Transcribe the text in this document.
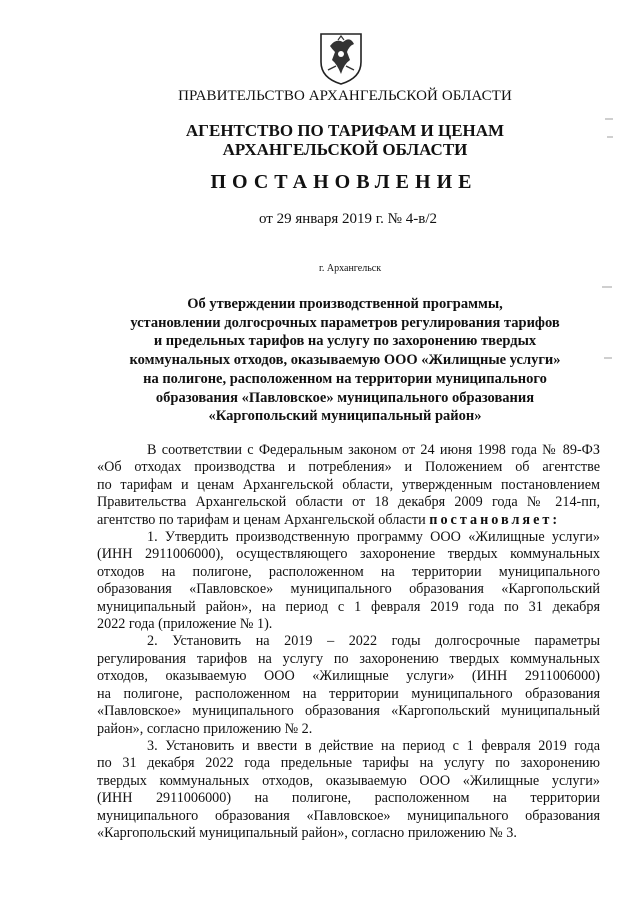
ПРАВИТЕЛЬСТВО АРХАНГЕЛЬСКОЙ ОБЛАСТИ
АГЕНТСТВО ПО ТАРИФАМ И ЦЕНАМ
АРХАНГЕЛЬСКОЙ ОБЛАСТИ
ПОСТАНОВЛЕНИЕ
от 29 января 2019 г. № 4-в/2
г. Архангельск
Об утверждении производственной программы,
установлении долгосрочных параметров регулирования тарифов
и предельных тарифов на услугу по захоронению твердых
коммунальных отходов, оказываемую ООО «Жилищные услуги»
на полигоне, расположенном на территории муниципального
образования «Павловское» муниципального образования
«Каргопольский муниципальный район»
В соответствии с Федеральным законом от 24 июня 1998 года № 89-ФЗ
«Об отходах производства и потребления» и Положением об агентстве
по тарифам и ценам Архангельской области, утвержденным постановлением
Правительства Архангельской области от 18 декабря 2009 года № 214-пп,
агентство по тарифам и ценам Архангельской области постановляет:
1. Утвердить производственную программу ООО «Жилищные услуги»
(ИНН 2911006000), осуществляющего захоронение твердых коммунальных
отходов на полигоне, расположенном на территории муниципального
образования «Павловское» муниципального образования «Каргопольский
муниципальный район», на период с 1 февраля 2019 года по 31 декабря
2022 года (приложение № 1).
2. Установить на 2019 – 2022 годы долгосрочные параметры
регулирования тарифов на услугу по захоронению твердых коммунальных
отходов, оказываемую ООО «Жилищные услуги» (ИНН 2911006000)
на полигоне, расположенном на территории муниципального образования
«Павловское» муниципального образования «Каргопольский муниципальный
район», согласно приложению № 2.
3. Установить и ввести в действие на период с 1 февраля 2019 года
по 31 декабря 2022 года предельные тарифы на услугу по захоронению
твердых коммунальных отходов, оказываемую ООО «Жилищные услуги»
(ИНН 2911006000) на полигоне, расположенном на территории
муниципального образования «Павловское» муниципального образования
«Каргопольский муниципальный район», согласно приложению № 3.
